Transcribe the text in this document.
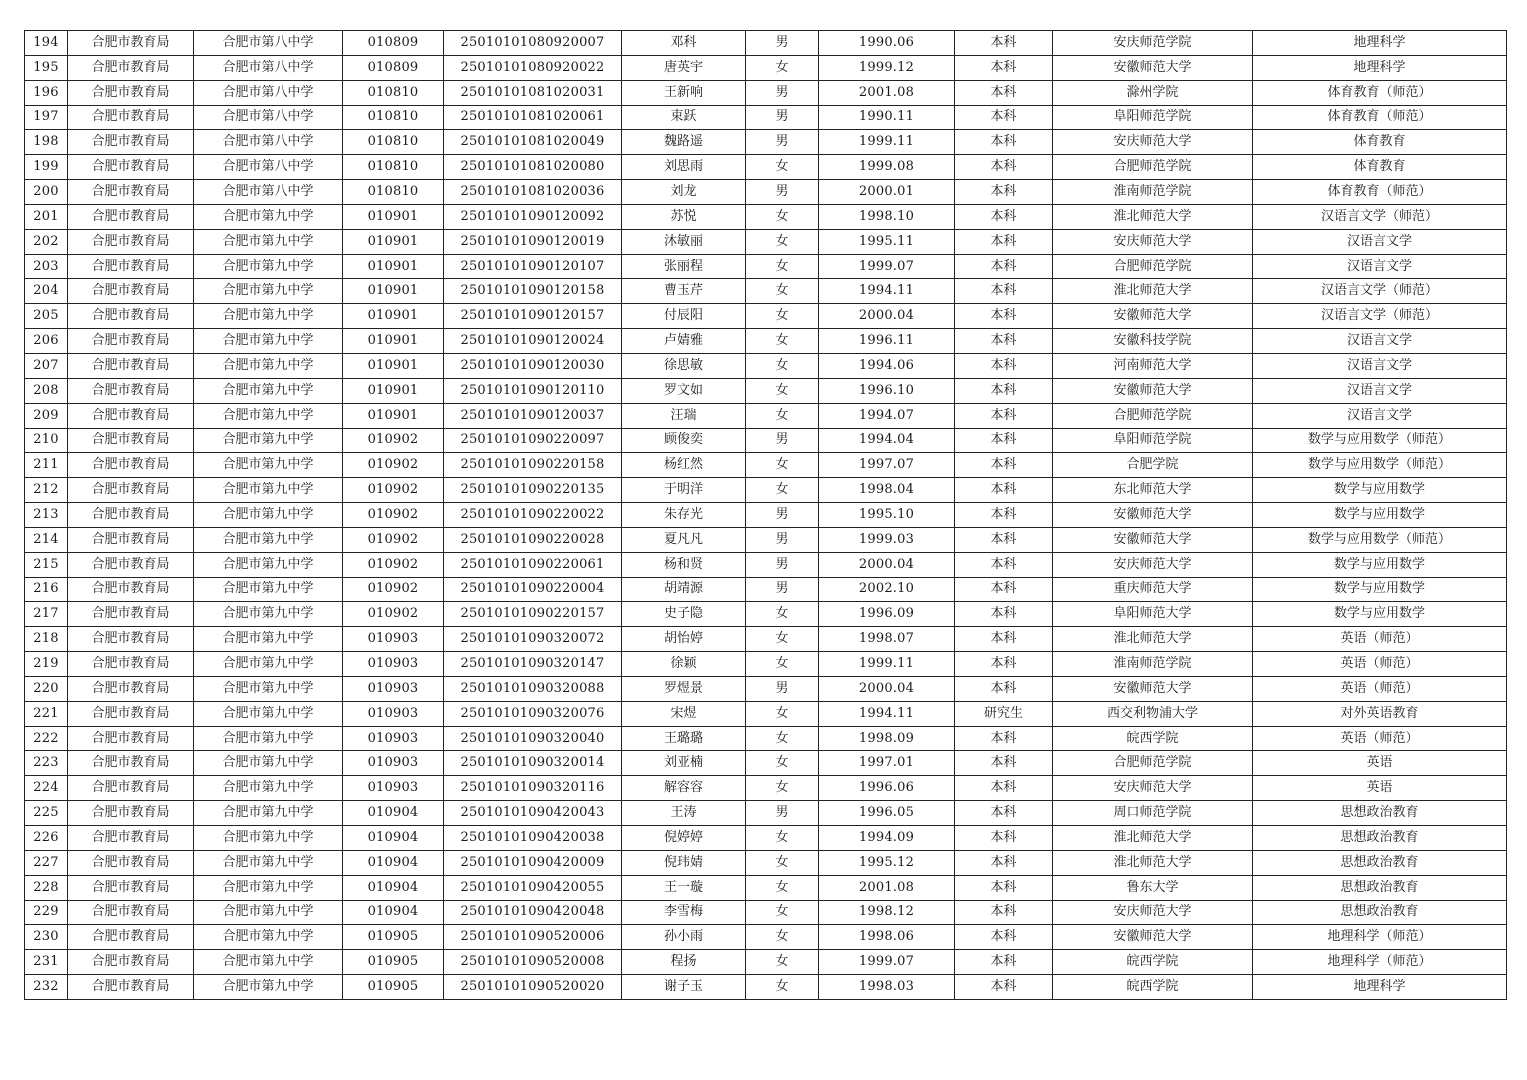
194	合肥市教育局	合肥市第八中学	010809	25010101080920007	邓科	男	1990.06	本科	安庆师范学院	地理科学
195	合肥市教育局	合肥市第八中学	010809	25010101080920022	唐英宇	女	1999.12	本科	安徽师范大学	地理科学
196	合肥市教育局	合肥市第八中学	010810	25010101081020031	王新响	男	2001.08	本科	滁州学院	体育教育（师范）
197	合肥市教育局	合肥市第八中学	010810	25010101081020061	束跃	男	1990.11	本科	阜阳师范学院	体育教育（师范）
198	合肥市教育局	合肥市第八中学	010810	25010101081020049	魏路遥	男	1999.11	本科	安庆师范大学	体育教育
199	合肥市教育局	合肥市第八中学	010810	25010101081020080	刘思雨	女	1999.08	本科	合肥师范学院	体育教育
200	合肥市教育局	合肥市第八中学	010810	25010101081020036	刘龙	男	2000.01	本科	淮南师范学院	体育教育（师范）
201	合肥市教育局	合肥市第九中学	010901	25010101090120092	苏悦	女	1998.10	本科	淮北师范大学	汉语言文学（师范）
202	合肥市教育局	合肥市第九中学	010901	25010101090120019	沐敏丽	女	1995.11	本科	安庆师范大学	汉语言文学
203	合肥市教育局	合肥市第九中学	010901	25010101090120107	张丽程	女	1999.07	本科	合肥师范学院	汉语言文学
204	合肥市教育局	合肥市第九中学	010901	25010101090120158	曹玉芹	女	1994.11	本科	淮北师范大学	汉语言文学（师范）
205	合肥市教育局	合肥市第九中学	010901	25010101090120157	付辰阳	女	2000.04	本科	安徽师范大学	汉语言文学（师范）
206	合肥市教育局	合肥市第九中学	010901	25010101090120024	卢婧雅	女	1996.11	本科	安徽科技学院	汉语言文学
207	合肥市教育局	合肥市第九中学	010901	25010101090120030	徐思敏	女	1994.06	本科	河南师范大学	汉语言文学
208	合肥市教育局	合肥市第九中学	010901	25010101090120110	罗文如	女	1996.10	本科	安徽师范大学	汉语言文学
209	合肥市教育局	合肥市第九中学	010901	25010101090120037	汪瑞	女	1994.07	本科	合肥师范学院	汉语言文学
210	合肥市教育局	合肥市第九中学	010902	25010101090220097	顾俊奕	男	1994.04	本科	阜阳师范学院	数学与应用数学（师范）
211	合肥市教育局	合肥市第九中学	010902	25010101090220158	杨红然	女	1997.07	本科	合肥学院	数学与应用数学（师范）
212	合肥市教育局	合肥市第九中学	010902	25010101090220135	于明洋	女	1998.04	本科	东北师范大学	数学与应用数学
213	合肥市教育局	合肥市第九中学	010902	25010101090220022	朱存光	男	1995.10	本科	安徽师范大学	数学与应用数学
214	合肥市教育局	合肥市第九中学	010902	25010101090220028	夏凡凡	男	1999.03	本科	安徽师范大学	数学与应用数学（师范）
215	合肥市教育局	合肥市第九中学	010902	25010101090220061	杨和贤	男	2000.04	本科	安庆师范大学	数学与应用数学
216	合肥市教育局	合肥市第九中学	010902	25010101090220004	胡靖源	男	2002.10	本科	重庆师范大学	数学与应用数学
217	合肥市教育局	合肥市第九中学	010902	25010101090220157	史子隐	女	1996.09	本科	阜阳师范大学	数学与应用数学
218	合肥市教育局	合肥市第九中学	010903	25010101090320072	胡怡婷	女	1998.07	本科	淮北师范大学	英语（师范）
219	合肥市教育局	合肥市第九中学	010903	25010101090320147	徐颖	女	1999.11	本科	淮南师范学院	英语（师范）
220	合肥市教育局	合肥市第九中学	010903	25010101090320088	罗煜景	男	2000.04	本科	安徽师范大学	英语（师范）
221	合肥市教育局	合肥市第九中学	010903	25010101090320076	宋煜	女	1994.11	研究生	西交利物浦大学	对外英语教育
222	合肥市教育局	合肥市第九中学	010903	25010101090320040	王璐璐	女	1998.09	本科	皖西学院	英语（师范）
223	合肥市教育局	合肥市第九中学	010903	25010101090320014	刘亚楠	女	1997.01	本科	合肥师范学院	英语
224	合肥市教育局	合肥市第九中学	010903	25010101090320116	解容容	女	1996.06	本科	安庆师范大学	英语
225	合肥市教育局	合肥市第九中学	010904	25010101090420043	王涛	男	1996.05	本科	周口师范学院	思想政治教育
226	合肥市教育局	合肥市第九中学	010904	25010101090420038	倪婷婷	女	1994.09	本科	淮北师范大学	思想政治教育
227	合肥市教育局	合肥市第九中学	010904	25010101090420009	倪玮婧	女	1995.12	本科	淮北师范大学	思想政治教育
228	合肥市教育局	合肥市第九中学	010904	25010101090420055	王一璇	女	2001.08	本科	鲁东大学	思想政治教育
229	合肥市教育局	合肥市第九中学	010904	25010101090420048	李雪梅	女	1998.12	本科	安庆师范大学	思想政治教育
230	合肥市教育局	合肥市第九中学	010905	25010101090520006	孙小雨	女	1998.06	本科	安徽师范大学	地理科学（师范）
231	合肥市教育局	合肥市第九中学	010905	25010101090520008	程扬	女	1999.07	本科	皖西学院	地理科学（师范）
232	合肥市教育局	合肥市第九中学	010905	25010101090520020	谢子玉	女	1998.03	本科	皖西学院	地理科学
